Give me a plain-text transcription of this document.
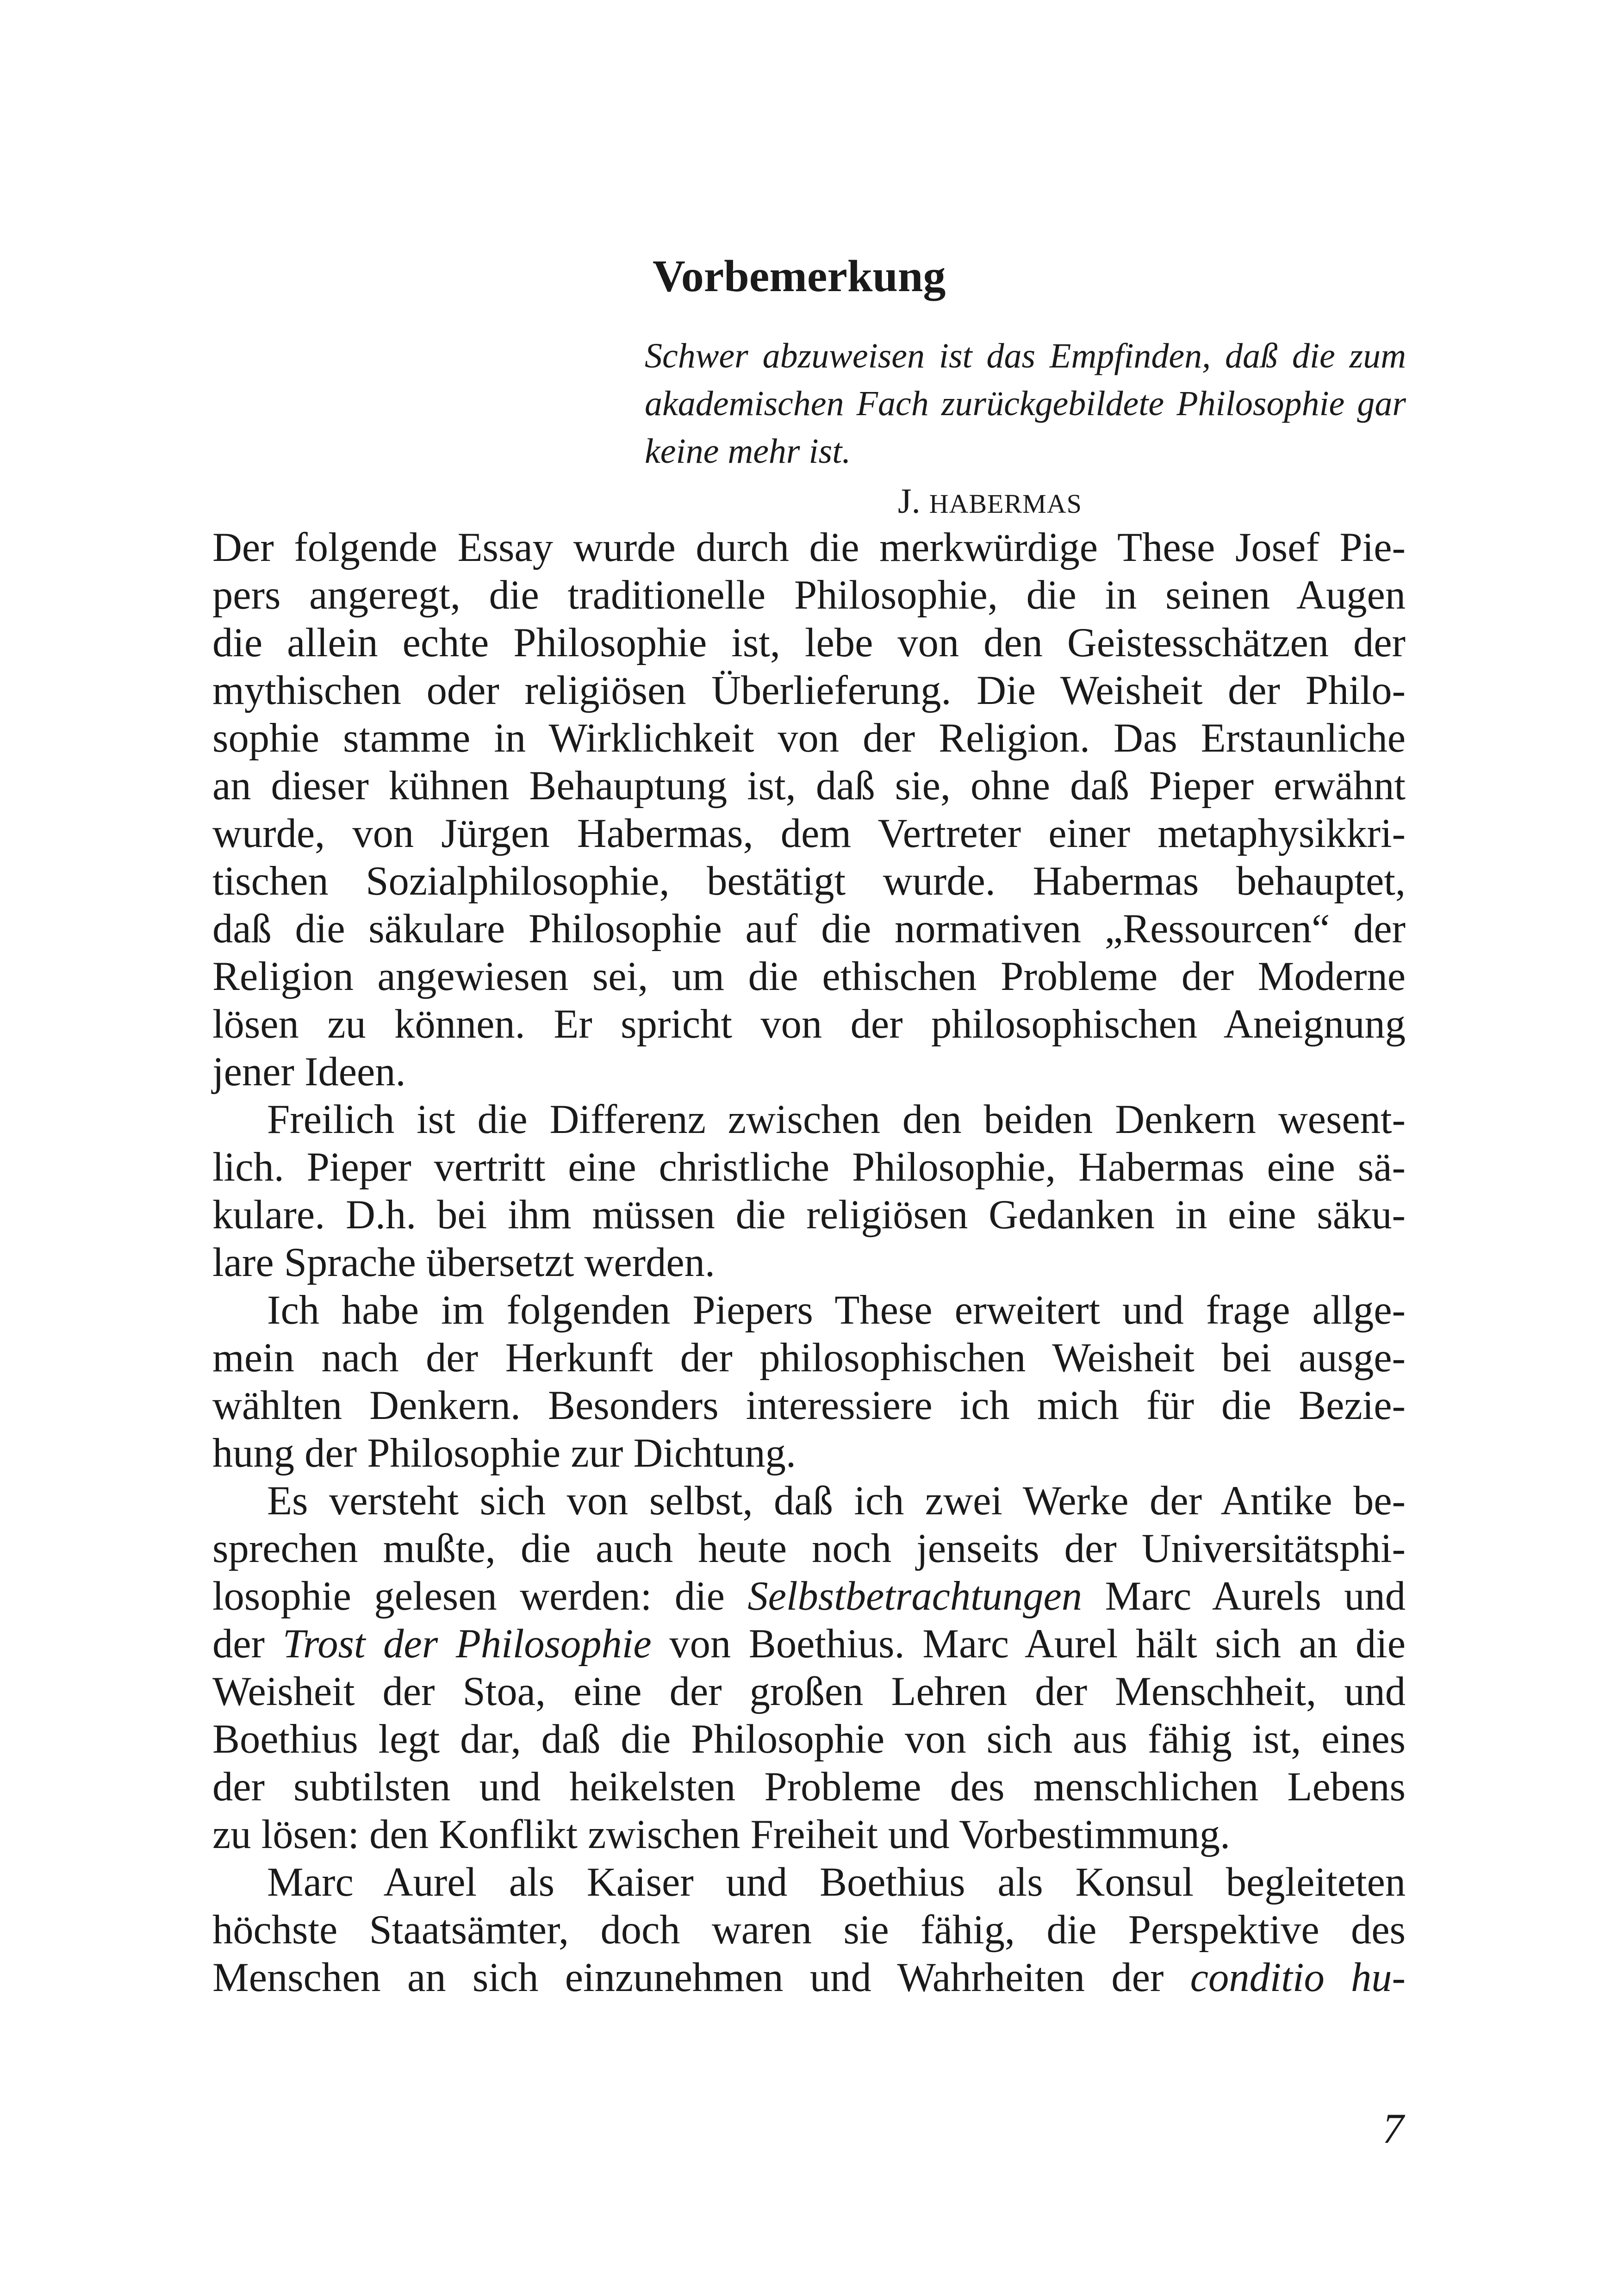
Vorbemerkung
Schwer abzuweisen ist das Empfinden, daß die zum akademischen Fach zurückgebildete Philosophie gar keine mehr ist.
J. HABERMAS
Der folgende Essay wurde durch die merkwürdige These Josef Pie-
pers angeregt, die traditionelle Philosophie, die in seinen Augen
die allein echte Philosophie ist, lebe von den Geistesschätzen der
mythischen oder religiösen Überlieferung. Die Weisheit der Philo-
sophie stamme in Wirklichkeit von der Religion. Das Erstaunliche
an dieser kühnen Behauptung ist, daß sie, ohne daß Pieper erwähnt
wurde, von Jürgen Habermas, dem Vertreter einer metaphysikkri-
tischen Sozialphilosophie, bestätigt wurde. Habermas behauptet,
daß die säkulare Philosophie auf die normativen „Ressourcen“ der
Religion angewiesen sei, um die ethischen Probleme der Moderne
lösen zu können. Er spricht von der philosophischen Aneignung
jener Ideen.
Freilich ist die Differenz zwischen den beiden Denkern wesent-
lich. Pieper vertritt eine christliche Philosophie, Habermas eine sä-
kulare. D.h. bei ihm müssen die religiösen Gedanken in eine säku-
lare Sprache übersetzt werden.
Ich habe im folgenden Piepers These erweitert und frage allge-
mein nach der Herkunft der philosophischen Weisheit bei ausge-
wählten Denkern. Besonders interessiere ich mich für die Bezie-
hung der Philosophie zur Dichtung.
Es versteht sich von selbst, daß ich zwei Werke der Antike be-
sprechen mußte, die auch heute noch jenseits der Universitätsphi-
losophie gelesen werden: die Selbstbetrachtungen Marc Aurels und
der Trost der Philosophie von Boethius. Marc Aurel hält sich an die
Weisheit der Stoa, eine der großen Lehren der Menschheit, und
Boethius legt dar, daß die Philosophie von sich aus fähig ist, eines
der subtilsten und heikelsten Probleme des menschlichen Lebens
zu lösen: den Konflikt zwischen Freiheit und Vorbestimmung.
Marc Aurel als Kaiser und Boethius als Konsul begleiteten
höchste Staatsämter, doch waren sie fähig, die Perspektive des
Menschen an sich einzunehmen und Wahrheiten der conditio hu-
7
